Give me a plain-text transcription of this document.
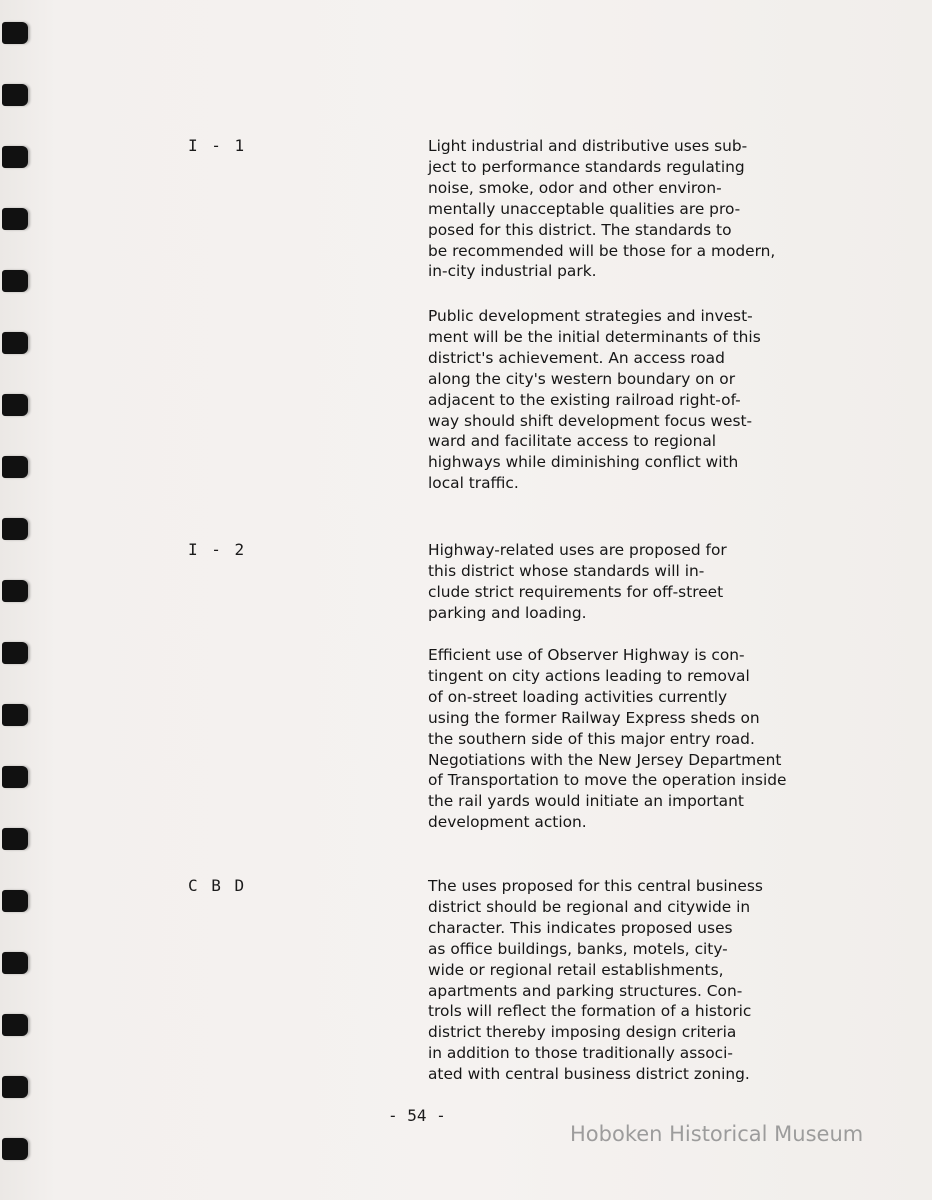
I - 1	Light industrial and distributive uses sub-
ject to performance standards regulating
noise, smoke, odor and other environ-
mentally unacceptable qualities are pro-
posed for this district. The standards to
be recommended will be those for a modern,
in-city industrial park.

Public development strategies and invest-
ment will be the initial determinants of this
district's achievement. An access road
along the city's western boundary on or
adjacent to the existing railroad right-of-
way should shift development focus west-
ward and facilitate access to regional
highways while diminishing conflict with
local traffic.

I - 2	Highway-related uses are proposed for
this district whose standards will in-
clude strict requirements for off-street
parking and loading.

Efficient use of Observer Highway is con-
tingent on city actions leading to removal
of on-street loading activities currently
using the former Railway Express sheds on
the southern side of this major entry road.
Negotiations with the New Jersey Department
of Transportation to move the operation inside
the rail yards would initiate an important
development action.

C B D	The uses proposed for this central business
district should be regional and citywide in
character. This indicates proposed uses
as office buildings, banks, motels, city-
wide or regional retail establishments,
apartments and parking structures. Con-
trols will reflect the formation of a historic
district thereby imposing design criteria
in addition to those traditionally associ-
ated with central business district zoning.

- 54 -
Hoboken Historical Museum
